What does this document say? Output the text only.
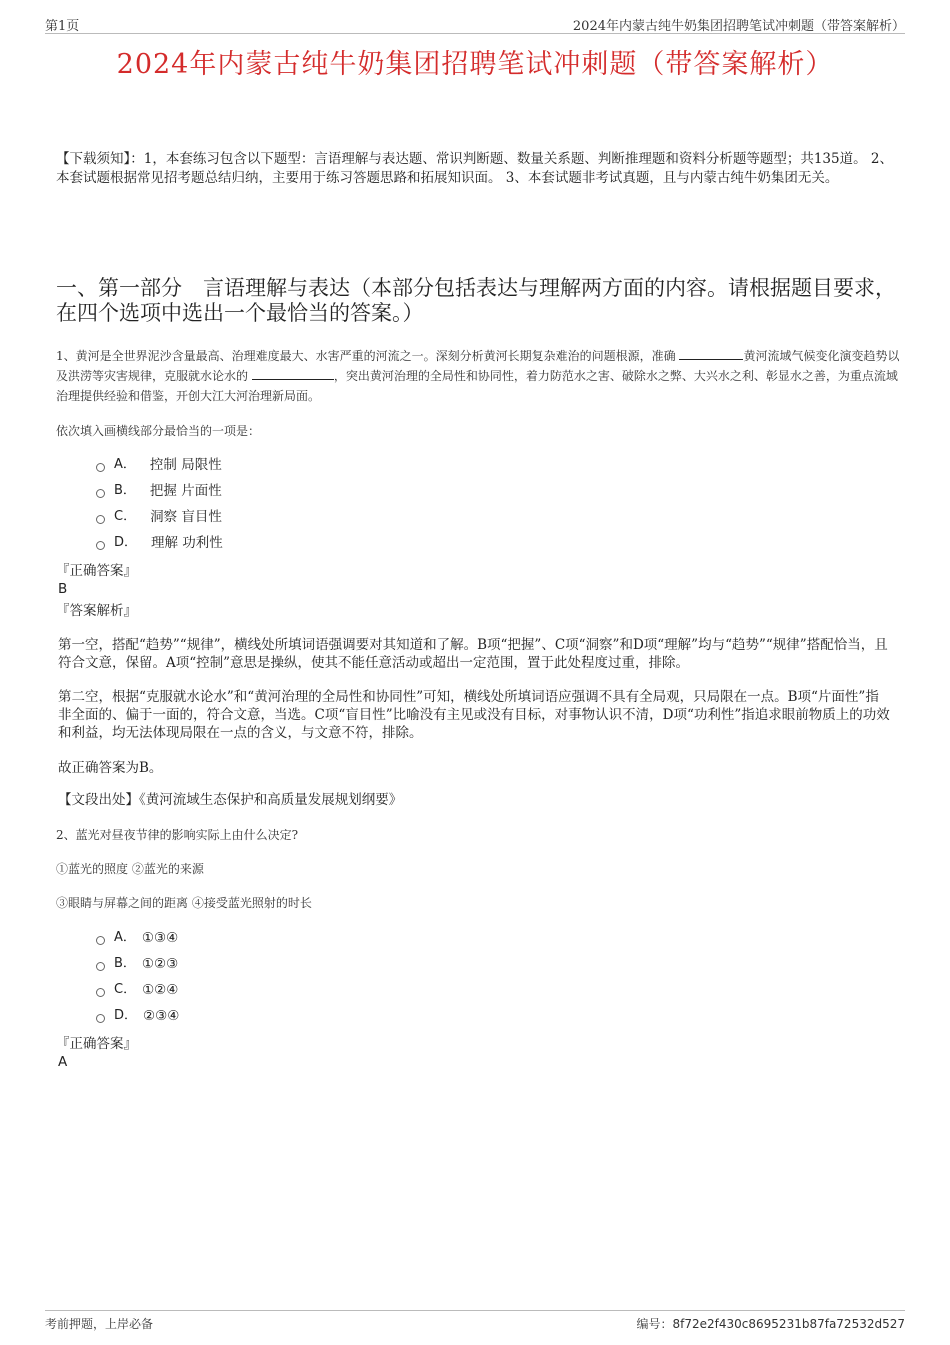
第1页	2024年内蒙古纯牛奶集团招聘笔试冲刺题（带答案解析）
2024年内蒙古纯牛奶集团招聘笔试冲刺题（带答案解析）
【下载须知】：1，本套练习包含以下题型：言语理解与表达题、常识判断题、数量关系题、判断推理题和资料分析题等题型；共135道。 2、本套试题根据常见招考题总结归纳，主要用于练习答题思路和拓展知识面。 3、本套试题非考试真题，且与内蒙古纯牛奶集团无关。
一、第一部分　言语理解与表达（本部分包括表达与理解两方面的内容。请根据题目要求，在四个选项中选出一个最恰当的答案。）
1、黄河是全世界泥沙含量最高、治理难度最大、水害严重的河流之一。深刻分析黄河长期复杂难治的问题根源，准确	黄河流域气候变化演变趋势以及洪涝等灾害规律，克服就水论水的	，突出黄河治理的全局性和协同性，着力防范水之害、破除水之弊、大兴水之利、彰显水之善，为重点流域治理提供经验和借鉴，开创大江大河治理新局面。
依次填入画横线部分最恰当的一项是：
A． 控制 局限性
B． 把握 片面性
C． 洞察 盲目性
D． 理解 功利性
『正确答案』
B
『答案解析』
第一空，搭配“趋势”“规律”，横线处所填词语强调要对其知道和了解。B项“把握”、C项“洞察”和D项“理解”均与“趋势”“规律”搭配恰当，且符合文意，保留。A项“控制”意思是操纵，使其不能任意活动或超出一定范围，置于此处程度过重，排除。
第二空，根据“克服就水论水”和“黄河治理的全局性和协同性”可知，横线处所填词语应强调不具有全局观，只局限在一点。B项“片面性”指非全面的、偏于一面的，符合文意，当选。C项“盲目性”比喻没有主见或没有目标，对事物认识不清，D项“功利性”指追求眼前物质上的功效和利益，均无法体现局限在一点的含义，与文意不符，排除。
故正确答案为B。
【文段出处】《黄河流域生态保护和高质量发展规划纲要》
2、蓝光对昼夜节律的影响实际上由什么决定?
①蓝光的照度 ②蓝光的来源
③眼睛与屏幕之间的距离 ④接受蓝光照射的时长
A． ①③④
B． ①②③
C． ①②④
D． ②③④
『正确答案』
A
考前押题，上岸必备	编号：8f72e2f430c8695231b87fa72532d527
